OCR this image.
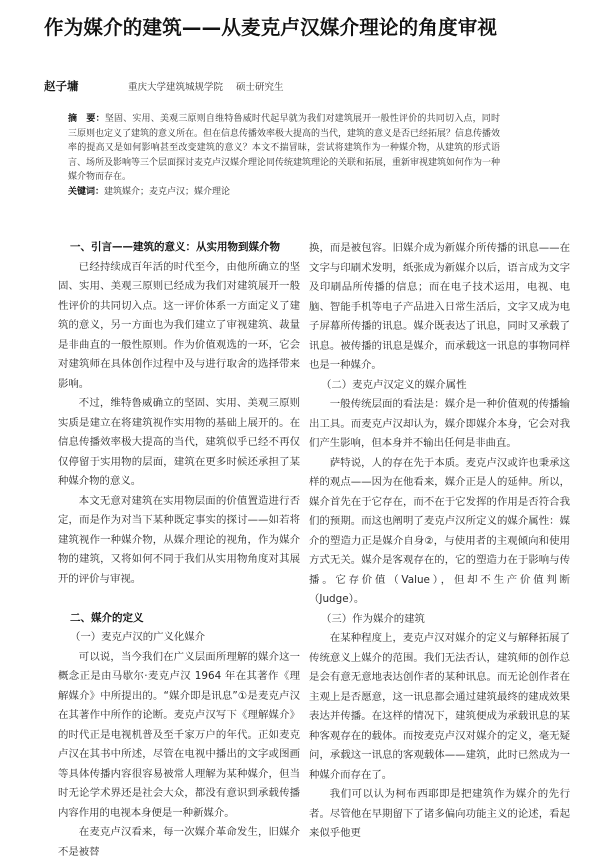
作为媒介的建筑——从麦克卢汉媒介理论的角度审视
赵子墉	重庆大学建筑城规学院 硕士研究生
摘　要：坚固、实用、美观三原则自维特鲁威时代起早就为我们对建筑展开一般性评价的共同切入点，同时三原则也定义了建筑的意义所在。但在信息传播效率极大提高的当代，建筑的意义是否已经拓展？信息传播效率的提高又是如何影响甚至改变建筑的意义？本文不揣冒昧，尝试将建筑作为一种媒介物，从建筑的形式语言、场所及影响等三个层面探讨麦克卢汉媒介理论同传统建筑理论的关联和拓展，重新审视建筑如何作为一种媒介物而存在。
关键词：建筑媒介；麦克卢汉；媒介理论
一、引言——建筑的意义：从实用物到媒介物

已经持续成百年活的时代至今，由他所确立的坚固、实用、美观三原则已经成为我们对建筑展开一般性评价的共同切入点。这一评价体系一方面定义了建筑的意义，另一方面也为我们建立了审视建筑、裁量是非曲直的一般性原则。作为价值观选的一环，它会对建筑师在具体创作过程中及与进行取舍的选择带来影响。

不过，维特鲁威确立的坚固、实用、美观三原则实质是建立在将建筑视作实用物的基础上展开的。在信息传播效率极大提高的当代，建筑似乎已经不再仅仅停留于实用物的层面，建筑在更多时候还承担了某种媒介物的意义。

本文无意对建筑在实用物层面的价值置造进行否定，而是作为对当下某种既定事实的探讨——如若将建筑视作一种媒介物，从媒介理论的视角，作为媒介物的建筑，又将如何不同于我们从实用物角度对其展开的评价与审视。

二、媒介的定义
（一）麦克卢汉的广义化媒介

可以说，当今我们在广义层面所理解的媒介这一概念正是由马歇尔·麦克卢汉 1964 年在其著作《理解媒介》中所提出的。“媒介即是讯息”①是麦克卢汉在其著作中所作的论断。麦克卢汉写下《理解媒介》的时代正是电视机普及至千家万户的年代。正如麦克卢汉在其书中所述，尽管在电视中播出的文字或图画等具体传播内容很容易被常人理解为某种媒介，但当时无论学术界还是社会大众，都没有意识到承载传播内容作用的电视本身便是一种新媒介。

在麦克卢汉看来，每一次媒介革命发生，旧媒介不是被替

换，而是被包容。旧媒介成为新媒介所传播的讯息——在文字与印刷术发明，纸张成为新媒介以后，语言成为文字及印刷品所传播的信息；而在电子技术运用，电视、电脑、智能手机等电子产品进入日常生活后，文字又成为电子屏幕所传播的讯息。媒介既表达了讯息，同时又承载了讯息。被传播的讯息是媒介，而承载这一讯息的事物同样也是一种媒介。

（二）麦克卢汉定义的媒介属性

一般传统层面的看法是：媒介是一种价值观的传播输出工具。而麦克卢汉却认为，媒介即媒介本身，它会对我们产生影响，但本身并不输出任何是非曲直。

萨特说，人的存在先于本质。麦克卢汉或许也秉承这样的观点——因为在他看来，媒介正是人的延伸。所以，媒介首先在于它存在，而不在于它发挥的作用是否符合我们的预期。而这也阐明了麦克卢汉所定义的媒介属性：媒介的塑造力正是媒介自身②，与使用者的主观倾向和使用方式无关。媒介是客观存在的，它的塑造力在于影响与传播。它存价值（Value），但却不生产价值判断（Judge）。

（三）作为媒介的建筑

在某种程度上，麦克卢汉对媒介的定义与解释拓展了传统意义上媒介的范围。我们无法否认，建筑师的创作总是会有意无意地表达创作者的某种讯息。而无论创作者在主观上是否愿意，这一讯息都会通过建筑最终的建成效果表达并传播。在这样的情况下，建筑便成为承载讯息的某种客观存在的载体。而按麦克卢汉对媒介的定义，毫无疑问，承载这一讯息的客观载体——建筑，此时已然成为一种媒介而存在了。

我们可以认为柯布西耶即是把建筑作为媒介的先行者。尽管他在早期留下了诸多偏向功能主义的论述，看起来似乎他更
